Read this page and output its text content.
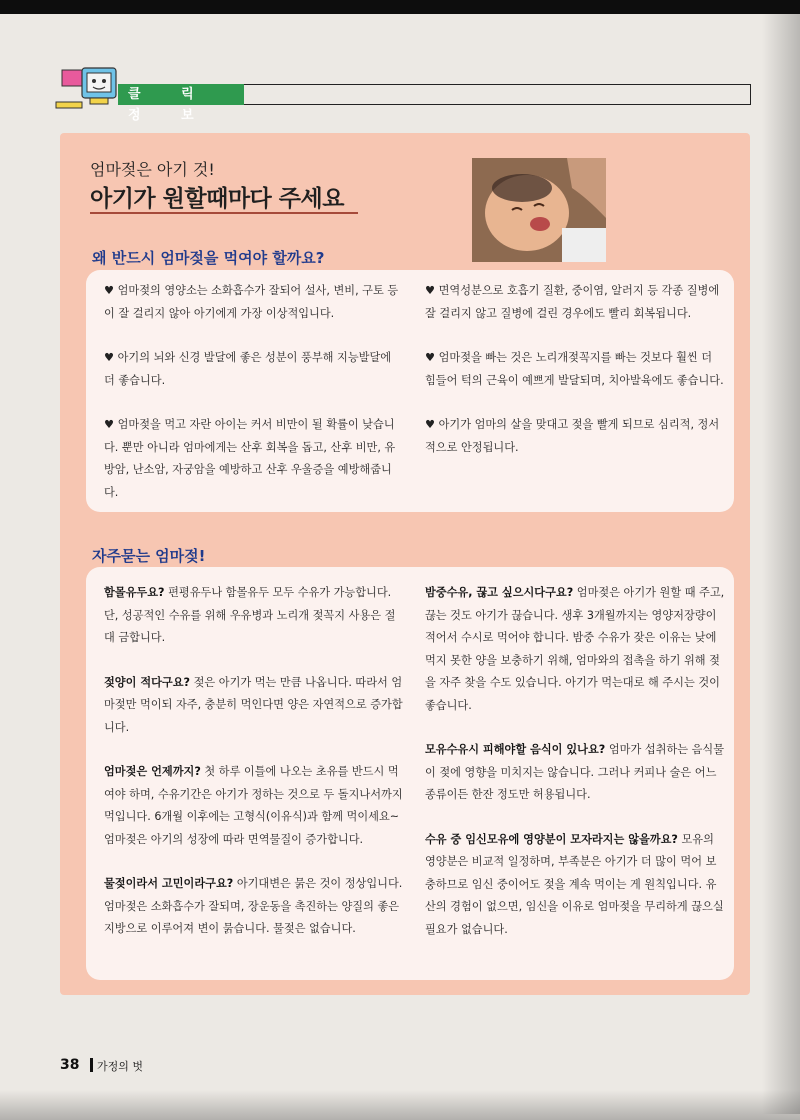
클 릭 정 보
엄마젖은 아기 것!
아기가 원할때마다 주세요
왜 반드시 엄마젖을 먹여야 할까요?

♥ 엄마젖의 영양소는 소화흡수가 잘되어 설사, 변비, 구토 등이 잘 걸리지 않아 아기에게 가장 이상적입니다.

♥ 아기의 뇌와 신경 발달에 좋은 성분이 풍부해 지능발달에 더 좋습니다.

♥ 엄마젖을 먹고 자란 아이는 커서 비만이 될 확률이 낮습니다. 뿐만 아니라 엄마에게는 산후 회복을 돕고, 산후 비만, 유방암, 난소암, 자궁암을 예방하고 산후 우울증을 예방해줍니다.

♥ 면역성분으로 호흡기 질환, 중이염, 알러지 등 각종 질병에 잘 걸리지 않고 질병에 걸린 경우에도 빨리 회복됩니다.

♥ 엄마젖을 빠는 것은 노리개젖꼭지를 빠는 것보다 훨씬 더 힘들어 턱의 근육이 예쁘게 발달되며, 치아발육에도 좋습니다.

♥ 아기가 엄마의 살을 맞대고 젖을 빨게 되므로 심리적, 정서적으로 안정됩니다.

자주묻는 엄마젖!

함몰유두요? 편평유두나 함몰유두 모두 수유가 가능합니다. 단, 성공적인 수유를 위해 우유병과 노리개 젖꼭지 사용은 절대 금합니다.

젖양이 적다구요? 젖은 아기가 먹는 만큼 나옵니다. 따라서 엄마젖만 먹이되 자주, 충분히 먹인다면 양은 자연적으로 증가합니다.

엄마젖은 언제까지? 첫 하루 이틀에 나오는 초유를 반드시 먹여야 하며, 수유기간은 아기가 정하는 것으로 두 돌지나서까지 먹입니다. 6개월 이후에는 고형식(이유식)과 함께 먹이세요~

엄마젖은 아기의 성장에 따라 면역물질이 증가합니다.

물젖이라서 고민이라구요? 아기대변은 묽은 것이 정상입니다. 엄마젖은 소화흡수가 잘되며, 장운동을 촉진하는 양질의 좋은 지방으로 이루어져 변이 묽습니다. 물젖은 없습니다.

밤중수유, 끊고 싶으시다구요? 엄마젖은 아기가 원할 때 주고, 끊는 것도 아기가 끊습니다. 생후 3개월까지는 영양저장량이 적어서 수시로 먹어야 합니다. 밤중 수유가 잦은 이유는 낮에 먹지 못한 양을 보충하기 위해, 엄마와의 접촉을 하기 위해 젖을 자주 찾을 수도 있습니다. 아기가 먹는대로 해 주시는 것이 좋습니다.

모유수유시 피해야할 음식이 있나요? 엄마가 섭취하는 음식물이 젖에 영향을 미치지는 않습니다. 그러나 커피나 술은 어느 종류이든 한잔 정도만 허용됩니다.

수유 중 임신모유에 영양분이 모자라지는 않을까요? 모유의 영양분은 비교적 일정하며, 부족분은 아기가 더 많이 먹어 보충하므로 임신 중이어도 젖을 계속 먹이는 게 원칙입니다. 유산의 경험이 없으면, 임신을 이유로 엄마젖을 무리하게 끊으실 필요가 없습니다.

38 가정의 벗
